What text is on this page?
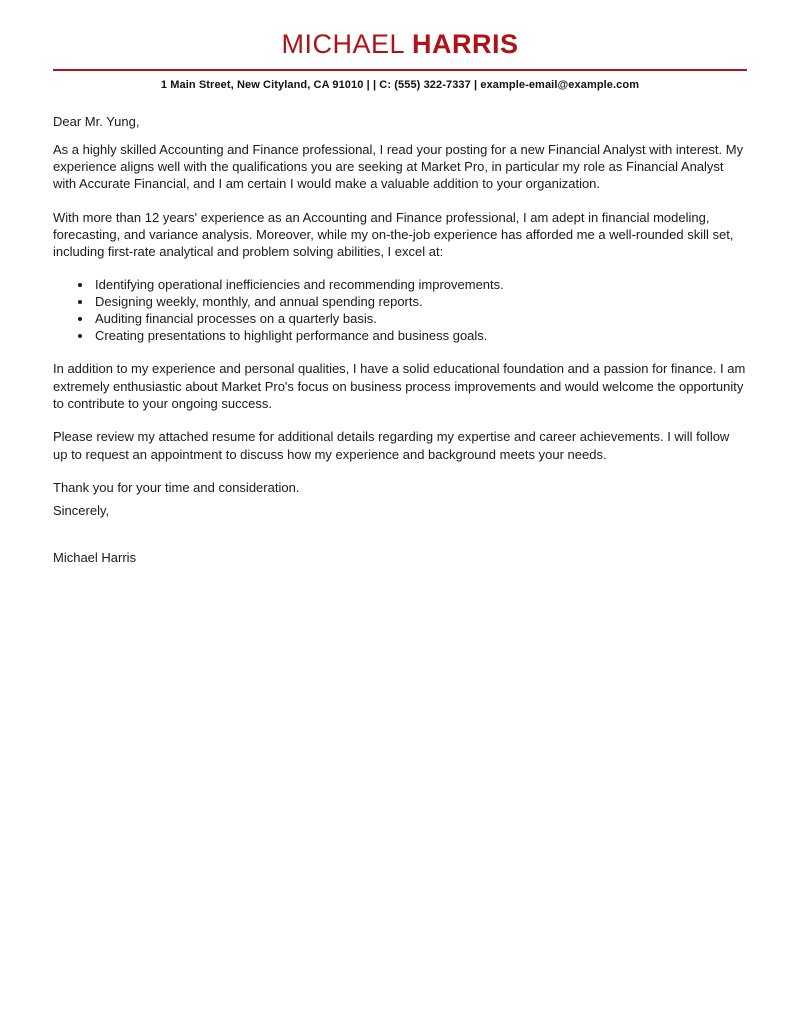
MICHAEL HARRIS
1 Main Street, New Cityland, CA 91010 | | C: (555) 322-7337 | example-email@example.com

Dear Mr. Yung,

As a highly skilled Accounting and Finance professional, I read your posting for a new Financial Analyst with interest. My experience aligns well with the qualifications you are seeking at Market Pro, in particular my role as Financial Analyst with Accurate Financial, and I am certain I would make a valuable addition to your organization.

With more than 12 years' experience as an Accounting and Finance professional, I am adept in financial modeling, forecasting, and variance analysis. Moreover, while my on-the-job experience has afforded me a well-rounded skill set, including first-rate analytical and problem solving abilities, I excel at:

• Identifying operational inefficiencies and recommending improvements.
• Designing weekly, monthly, and annual spending reports.
• Auditing financial processes on a quarterly basis.
• Creating presentations to highlight performance and business goals.

In addition to my experience and personal qualities, I have a solid educational foundation and a passion for finance. I am extremely enthusiastic about Market Pro's focus on business process improvements and would welcome the opportunity to contribute to your ongoing success.

Please review my attached resume for additional details regarding my expertise and career achievements. I will follow up to request an appointment to discuss how my experience and background meets your needs.

Thank you for your time and consideration.

Sincerely,

Michael Harris
